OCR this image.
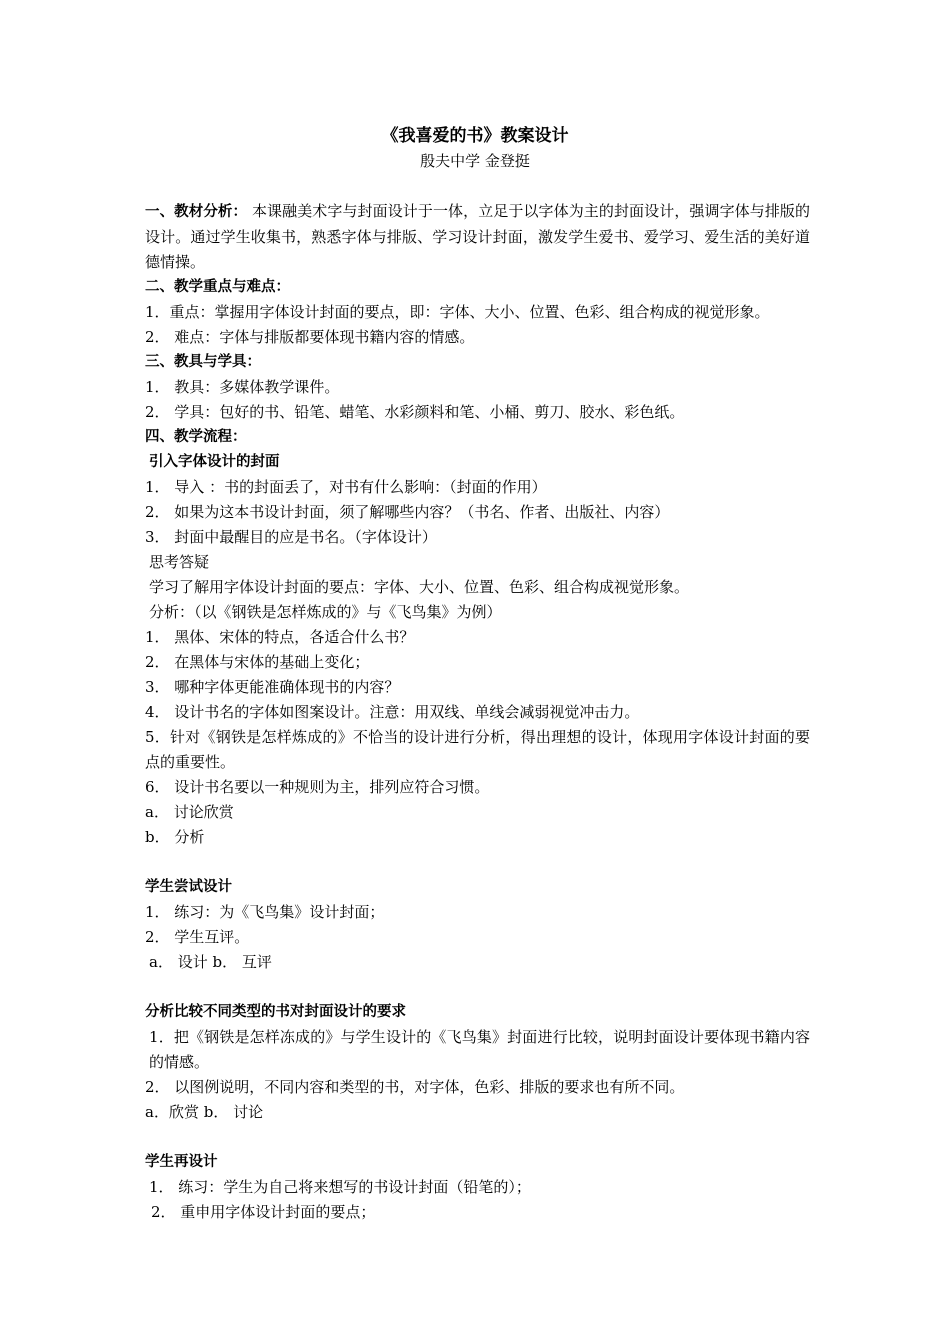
《我喜爱的书》教案设计
殷夫中学 金登挺
一、教材分析： 本课融美术字与封面设计于一体，立足于以字体为主的封面设计，强调字体与排版的设计。通过学生收集书，熟悉字体与排版、学习设计封面，激发学生爱书、爱学习、爱生活的美好道德情操。
二、教学重点与难点：
1．重点：掌握用字体设计封面的要点，即：字体、大小、位置、色彩、组合构成的视觉形象。
2． 难点：字体与排版都要体现书籍内容的情感。
三、教具与学具：
1． 教具：多媒体教学课件。
2． 学具：包好的书、铅笔、蜡笔、水彩颜料和笔、小桶、剪刀、胶水、彩色纸。
四、教学流程：
引入字体设计的封面
1． 导入 ：书的封面丢了，对书有什么影响：（封面的作用）
2． 如果为这本书设计封面，须了解哪些内容？（书名、作者、出版社、内容）
3． 封面中最醒目的应是书名。（字体设计）
思考答疑
学习了解用字体设计封面的要点：字体、大小、位置、色彩、组合构成视觉形象。
分析：（以《钢铁是怎样炼成的》与《飞鸟集》为例）
1． 黑体、宋体的特点，各适合什么书？
2． 在黑体与宋体的基础上变化；
3． 哪种字体更能准确体现书的内容？
4． 设计书名的字体如图案设计。注意：用双线、单线会减弱视觉冲击力。
5．针对《钢铁是怎样炼成的》不恰当的设计进行分析，得出理想的设计，体现用字体设计封面的要点的重要性。
6． 设计书名要以一种规则为主，排列应符合习惯。
a． 讨论欣赏
b． 分析
学生尝试设计
1． 练习：为《飞鸟集》设计封面；
2． 学生互评。
a． 设计 b． 互评
分析比较不同类型的书对封面设计的要求
1．把《钢铁是怎样冻成的》与学生设计的《飞鸟集》封面进行比较，说明封面设计要体现书籍内容的情感。
2． 以图例说明，不同内容和类型的书，对字体，色彩、排版的要求也有所不同。
a．欣赏 b． 讨论
学生再设计
1． 练习：学生为自己将来想写的书设计封面（铅笔的）；
2． 重申用字体设计封面的要点；
